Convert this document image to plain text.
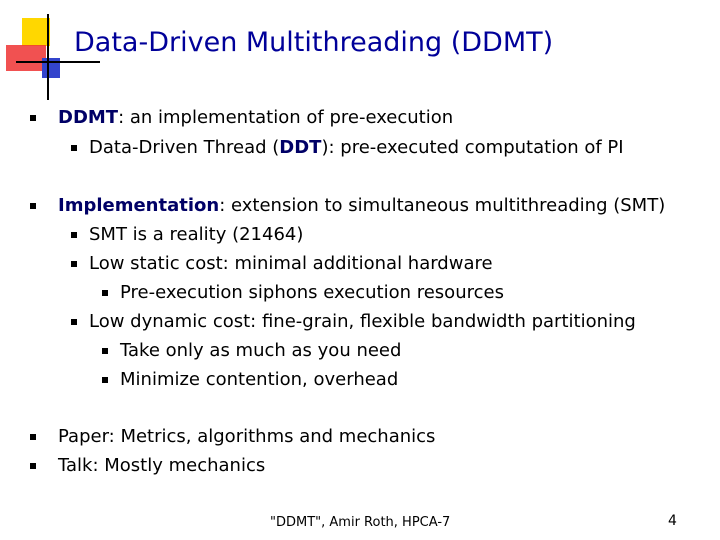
Data-Driven Multithreading (DDMT)
DDMT: an implementation of pre-execution
Data-Driven Thread (DDT): pre-executed computation of PI
Implementation: extension to simultaneous multithreading (SMT)
SMT is a reality (21464)
Low static cost: minimal additional hardware
Pre-execution siphons execution resources
Low dynamic cost: fine-grain, flexible bandwidth partitioning
Take only as much as you need
Minimize contention, overhead
Paper: Metrics, algorithms and mechanics
Talk: Mostly mechanics
"DDMT", Amir Roth, HPCA-7	4
